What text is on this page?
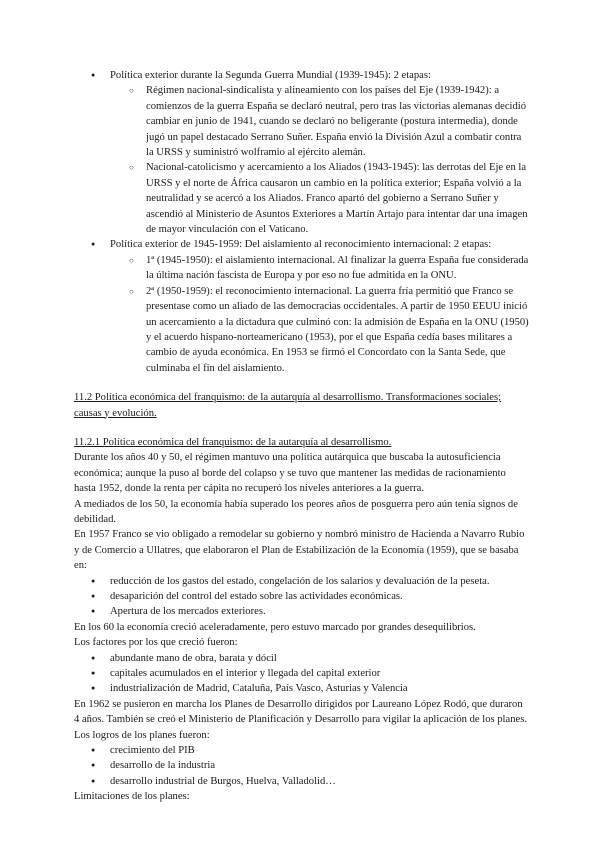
● Política exterior durante la Segunda Guerra Mundial (1939-1945): 2 etapas:
○ Régimen nacional-sindicalista y alineamiento con los países del Eje (1939-1942): a comienzos de la guerra España se declaró neutral, pero tras las victorias alemanas decidió cambiar en junio de 1941, cuando se declaró no beligerante (postura intermedia), donde jugó un papel destacado Serrano Suñer. España envió la División Azul a combatir contra la URSS y suministró wolframio al ejército alemán.
○ Nacional-catolicismo y acercamiento a los Aliados (1943-1945): las derrotas del Eje en la URSS y el norte de África causaron un cambio en la política exterior; España volvió a la neutralidad y se acercó a los Aliados. Franco apartó del gobierno a Serrano Suñer y ascendió al Ministerio de Asuntos Exteriores a Martín Artajo para intentar dar una imagen de mayor vinculación con el Vaticano.
● Política exterior de 1945-1959: Del aislamiento al reconocimiento internacional: 2 etapas:
○ 1ª (1945-1950): el aislamiento internacional. Al finalizar la guerra España fue considerada la última nación fascista de Europa y por eso no fue admitida en la ONU.
○ 2ª (1950-1959): el reconocimiento internacional. La guerra fría permitió que Franco se presentase como un aliado de las democracias occidentales. A partir de 1950 EEUU inició un acercamiento a la dictadura que culminó con: la admisión de España en la ONU (1950) y el acuerdo hispano-norteamericano (1953), por el que España cedía bases militares a cambio de ayuda económica. En 1953 se firmó el Concordato con la Santa Sede, que culminaba el fin del aislamiento.

11.2 Política económica del franquismo: de la autarquía al desarrollismo. Transformaciones sociales; causas y evolución.

11.2.1 Política económica del franquismo: de la autarquía al desarrollismo.

Durante los años 40 y 50, el régimen mantuvo una política autárquica que buscaba la autosuficiencia económica; aunque la puso al borde del colapso y se tuvo que mantener las medidas de racionamiento hasta 1952, donde la renta per cápita no recuperó los niveles anteriores a la guerra.

A mediados de los 50, la economía había superado los peores años de posguerra pero aún tenía signos de debilidad.

En 1957 Franco se vio obligado a remodelar su gobierno y nombró ministro de Hacienda a Navarro Rubio y de Comercio a Ullatres, que elaboraron el Plan de Estabilización de la Economía (1959), que se basaba en:

● reducción de los gastos del estado, congelación de los salarios y devaluación de la peseta.
● desaparición del control del estado sobre las actividades económicas.
● Apertura de los mercados exteriores.

En los 60 la economía creció aceleradamente, pero estuvo marcado por grandes desequilibrios.

Los factores por los que creció fueron:

● abundante mano de obra, barata y dócil
● capitales acumulados en el interior y llegada del capital exterior
● industrialización de Madrid, Cataluña, País Vasco, Asturias y Valencia

En 1962 se pusieron en marcha los Planes de Desarrollo dirigidos por Laureano López Rodó, que duraron 4 años. También se creó el Ministerio de Planificación y Desarrollo para vigilar la aplicación de los planes. Los logros de los planes fueron:

● crecimiento del PIB
● desarrollo de la industria
● desarrollo industrial de Burgos, Huelva, Valladolid…

Limitaciones de los planes:
